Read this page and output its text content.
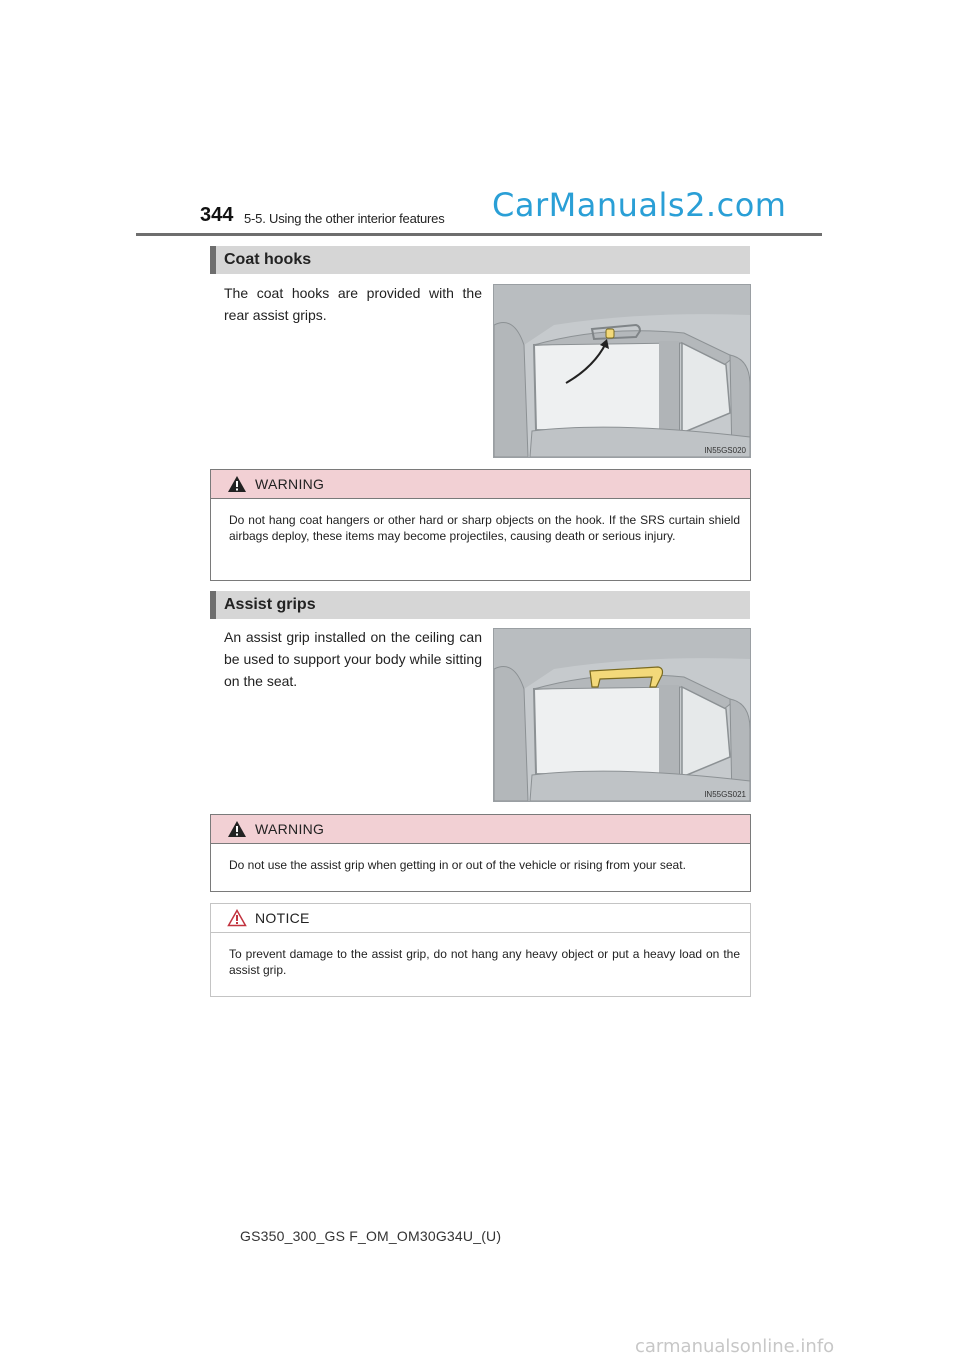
344 5-5. Using the other interior features CarManuals2.com
Coat hooks
The coat hooks are provided with the rear assist grips.
IN55GS020
WARNING
Do not hang coat hangers or other hard or sharp objects on the hook. If the SRS curtain shield airbags deploy, these items may become projectiles, causing death or serious injury.
Assist grips
An assist grip installed on the ceiling can be used to support your body while sitting on the seat.
IN55GS021
WARNING
Do not use the assist grip when getting in or out of the vehicle or rising from your seat.
NOTICE
To prevent damage to the assist grip, do not hang any heavy object or put a heavy load on the assist grip.
GS350_300_GS F_OM_OM30G34U_(U)
carmanualsonline.info
